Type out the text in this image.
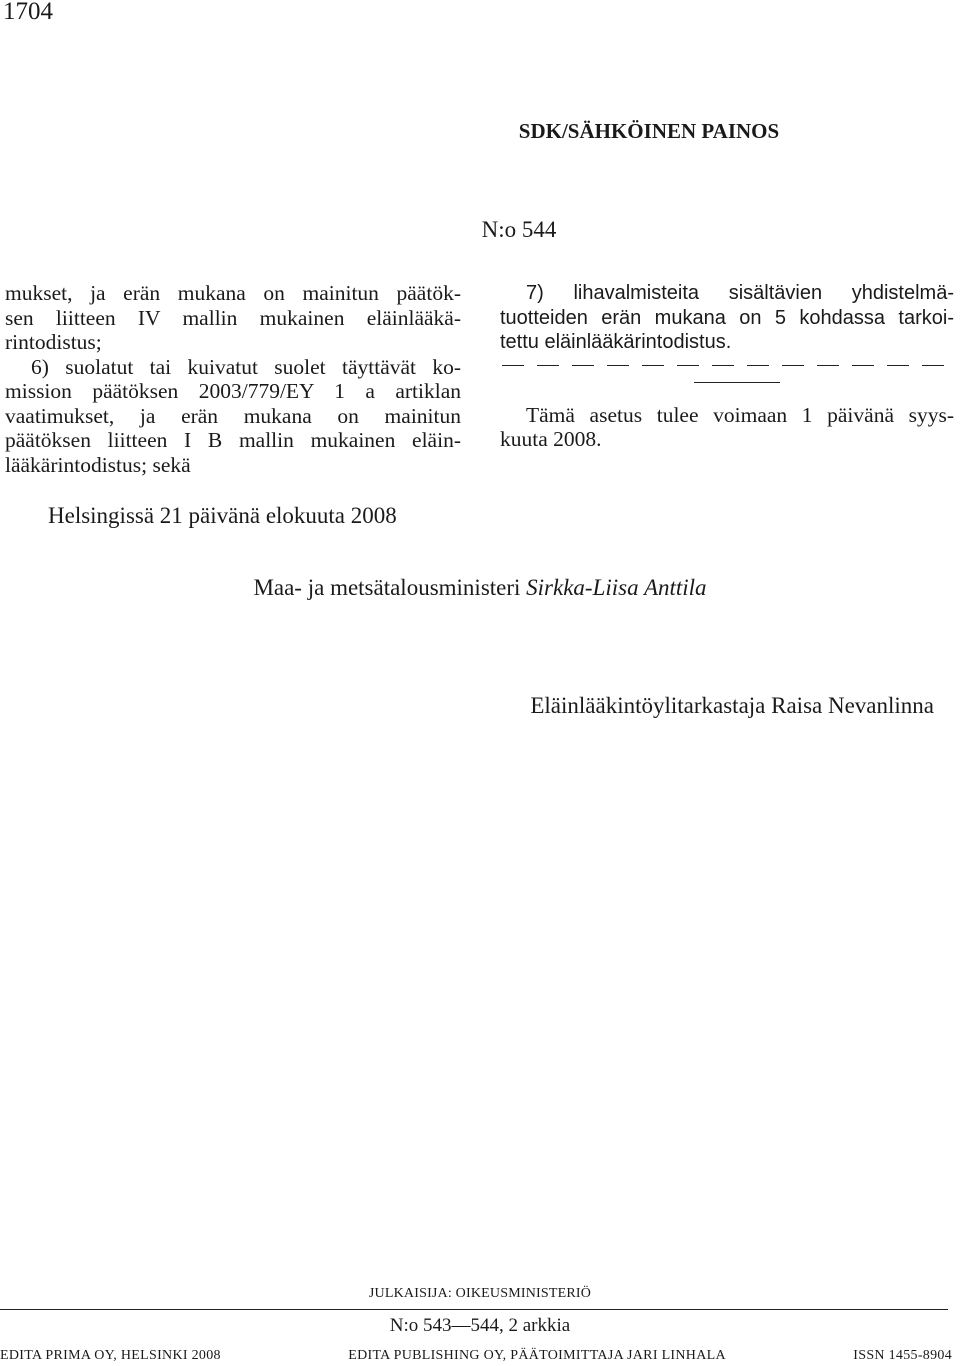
1704
SDK/SÄHKÖINEN PAINOS
N:o 544
mukset, ja erän mukana on mainitun päätök-
sen liitteen IV mallin mukainen eläinlääkä-
rintodistus;
6) suolatut tai kuivatut suolet täyttävät ko-
mission päätöksen 2003/779/EY 1 a artiklan
vaatimukset, ja erän mukana on mainitun
päätöksen liitteen I B mallin mukainen eläin-
lääkärintodistus; sekä
7) lihavalmisteita sisältävien yhdistelmä-
tuotteiden erän mukana on 5 kohdassa tarkoi-
tettu eläinlääkärintodistus.
Tämä asetus tulee voimaan 1 päivänä syys-
kuuta 2008.
Helsingissä 21 päivänä elokuuta 2008
Maa- ja metsätalousministeri Sirkka-Liisa Anttila
Eläinlääkintöylitarkastaja Raisa Nevanlinna
JULKAISIJA: OIKEUSMINISTERIÖ
N:o 543—544, 2 arkkia
EDITA PRIMA OY, HELSINKI 2008	EDITA PUBLISHING OY, PÄÄTOIMITTAJA JARI LINHALA	ISSN 1455-8904
